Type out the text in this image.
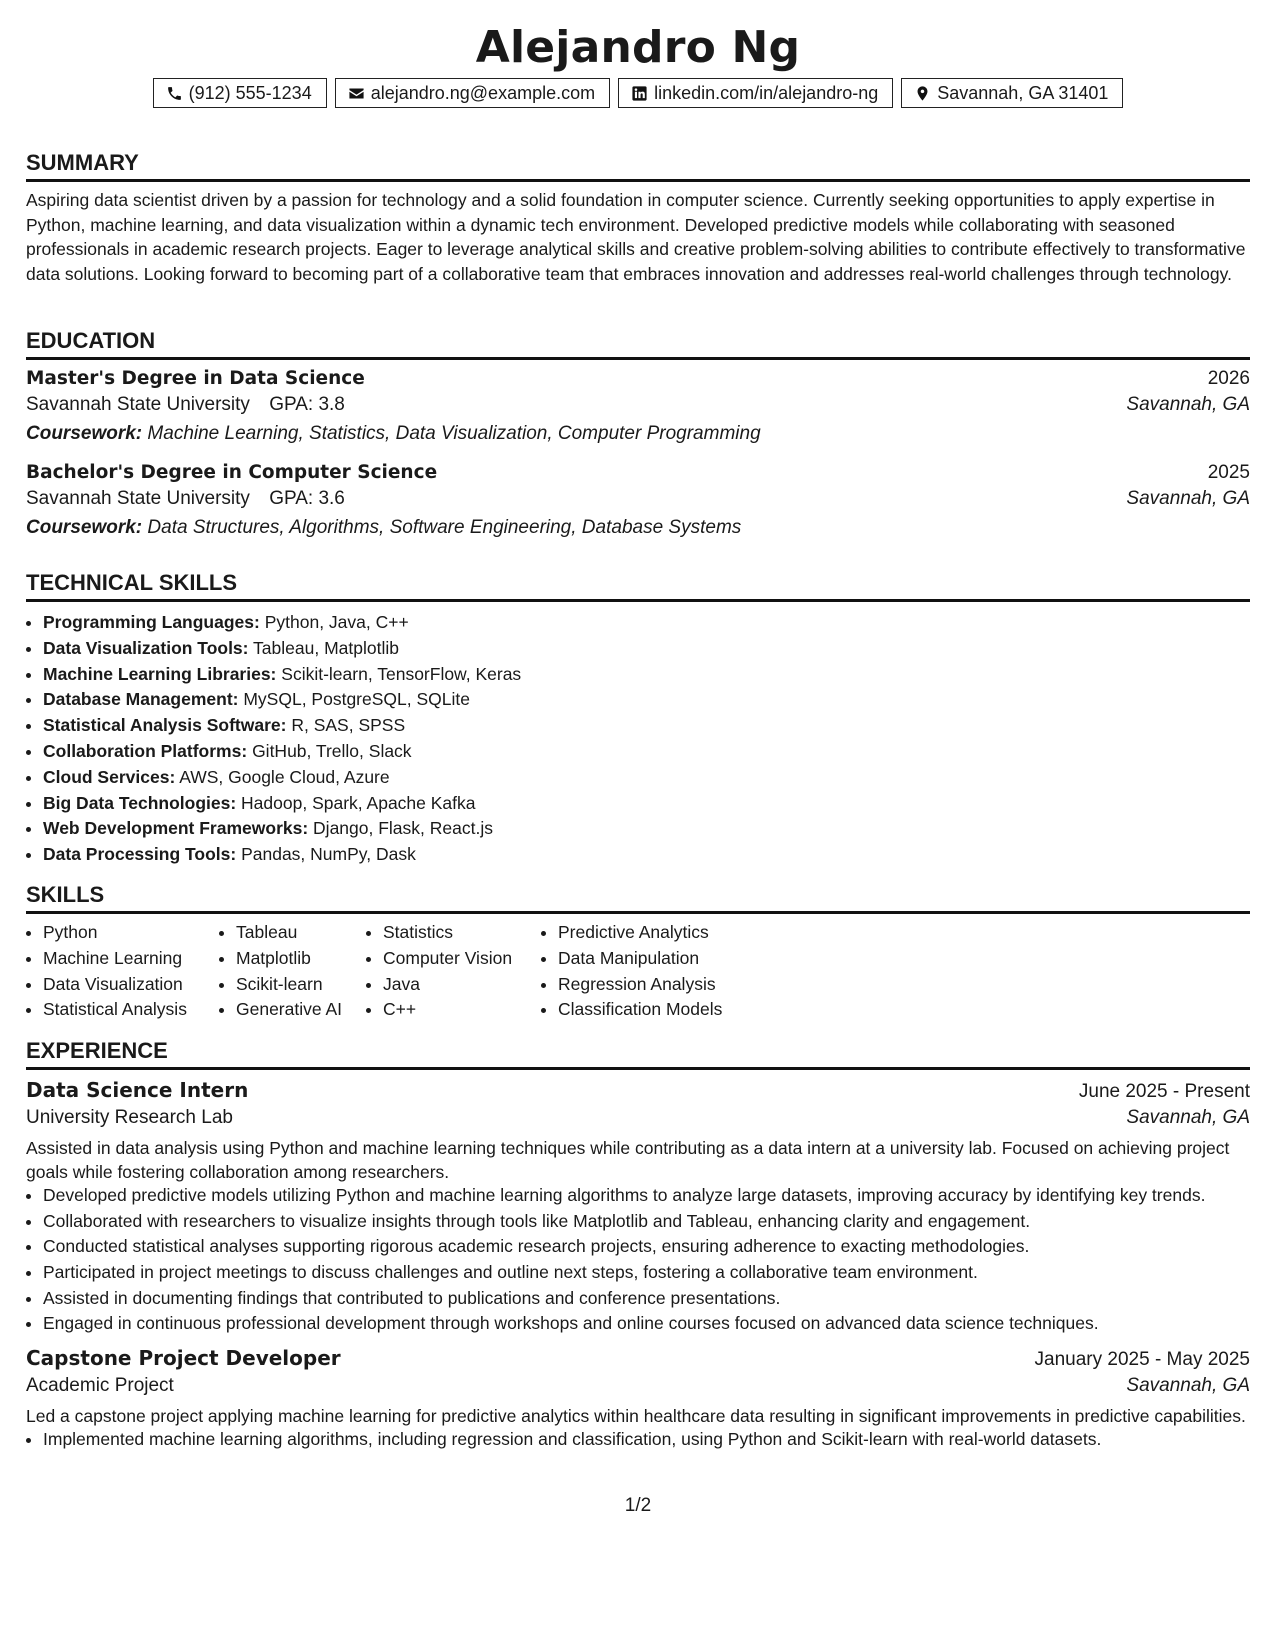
Alejandro Ng
(912) 555-1234	alejandro.ng@example.com	linkedin.com/in/alejandro-ng	Savannah, GA 31401
SUMMARY
Aspiring data scientist driven by a passion for technology and a solid foundation in computer science. Currently seeking opportunities to apply expertise in Python, machine learning, and data visualization within a dynamic tech environment. Developed predictive models while collaborating with seasoned professionals in academic research projects. Eager to leverage analytical skills and creative problem-solving abilities to contribute effectively to transformative data solutions. Looking forward to becoming part of a collaborative team that embraces innovation and addresses real-world challenges through technology.
EDUCATION
Master's Degree in Data Science	2026
Savannah State University GPA: 3.8	Savannah, GA
Coursework: Machine Learning, Statistics, Data Visualization, Computer Programming
Bachelor's Degree in Computer Science	2025
Savannah State University GPA: 3.6	Savannah, GA
Coursework: Data Structures, Algorithms, Software Engineering, Database Systems
TECHNICAL SKILLS
• Programming Languages: Python, Java, C++
• Data Visualization Tools: Tableau, Matplotlib
• Machine Learning Libraries: Scikit-learn, TensorFlow, Keras
• Database Management: MySQL, PostgreSQL, SQLite
• Statistical Analysis Software: R, SAS, SPSS
• Collaboration Platforms: GitHub, Trello, Slack
• Cloud Services: AWS, Google Cloud, Azure
• Big Data Technologies: Hadoop, Spark, Apache Kafka
• Web Development Frameworks: Django, Flask, React.js
• Data Processing Tools: Pandas, NumPy, Dask
SKILLS
• Python
• Machine Learning
• Data Visualization
• Statistical Analysis
• Tableau
• Matplotlib
• Scikit-learn
• Generative AI
• Statistics
• Computer Vision
• Java
• C++
• Predictive Analytics
• Data Manipulation
• Regression Analysis
• Classification Models
EXPERIENCE
Data Science Intern	June 2025 - Present
University Research Lab	Savannah, GA
Assisted in data analysis using Python and machine learning techniques while contributing as a data intern at a university lab. Focused on achieving project goals while fostering collaboration among researchers.
• Developed predictive models utilizing Python and machine learning algorithms to analyze large datasets, improving accuracy by identifying key trends.
• Collaborated with researchers to visualize insights through tools like Matplotlib and Tableau, enhancing clarity and engagement.
• Conducted statistical analyses supporting rigorous academic research projects, ensuring adherence to exacting methodologies.
• Participated in project meetings to discuss challenges and outline next steps, fostering a collaborative team environment.
• Assisted in documenting findings that contributed to publications and conference presentations.
• Engaged in continuous professional development through workshops and online courses focused on advanced data science techniques.
Capstone Project Developer	January 2025 - May 2025
Academic Project	Savannah, GA
Led a capstone project applying machine learning for predictive analytics within healthcare data resulting in significant improvements in predictive capabilities.
• Implemented machine learning algorithms, including regression and classification, using Python and Scikit-learn with real-world datasets.
1/2
